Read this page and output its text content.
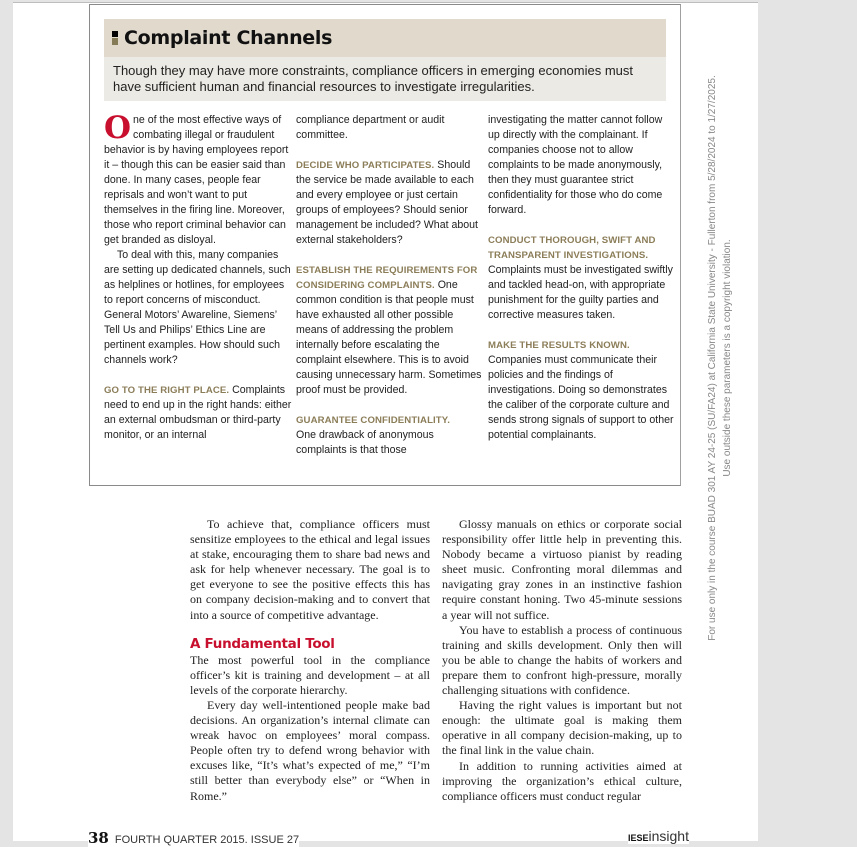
Complaint Channels
Though they may have more constraints, compliance officers in emerging economies must have sufficient human and financial resources to investigate irregularities.

One of the most effective ways of combating illegal or fraudulent behavior is by having employees report it – though this can be easier said than done. In many cases, people fear reprisals and won’t want to put themselves in the firing line. Moreover, those who report criminal behavior can get branded as disloyal.

To deal with this, many companies are setting up dedicated channels, such as helplines or hotlines, for employees to report concerns of misconduct. General Motors’ Awareline, Siemens’ Tell Us and Philips’ Ethics Line are pertinent examples. How should such channels work?

GO TO THE RIGHT PLACE. Complaints need to end up in the right hands: either an external ombudsman or third-party monitor, or an internal

compliance department or audit committee.

DECIDE WHO PARTICIPATES. Should the service be made available to each and every employee or just certain groups of employees? Should senior management be included? What about external stakeholders?

ESTABLISH THE REQUIREMENTS FOR CONSIDERING COMPLAINTS. One common condition is that people must have exhausted all other possible means of addressing the problem internally before escalating the complaint elsewhere. This is to avoid causing unnecessary harm. Sometimes proof must be provided.

GUARANTEE CONFIDENTIALITY.
One drawback of anonymous complaints is that those

investigating the matter cannot follow up directly with the complainant. If companies choose not to allow complaints to be made anonymously, then they must guarantee strict confidentiality for those who do come forward.

CONDUCT THOROUGH, SWIFT AND TRANSPARENT INVESTIGATIONS.
Complaints must be investigated swiftly and tackled head-on, with appropriate punishment for the guilty parties and corrective measures taken.

MAKE THE RESULTS KNOWN.
Companies must communicate their policies and the findings of investigations. Doing so demonstrates the caliber of the corporate culture and sends strong signals of support to other potential complainants.

To achieve that, compliance officers must sensitize employees to the ethical and legal issues at stake, encouraging them to share bad news and ask for help whenever necessary. The goal is to get everyone to see the positive effects this has on company decision-making and to convert that into a source of competitive advantage.

A Fundamental Tool

The most powerful tool in the compliance officer’s kit is training and development – at all levels of the corporate hierarchy.

Every day well-intentioned people make bad decisions. An organization’s internal climate can wreak havoc on employees’ moral compass. People often try to defend wrong behavior with excuses like, “It’s what’s expected of me,” “I’m still better than everybody else” or “When in Rome.”

Glossy manuals on ethics or corporate social responsibility offer little help in preventing this. Nobody became a virtuoso pianist by reading sheet music. Confronting moral dilemmas and navigating gray zones in an instinctive fashion require constant honing. Two 45-minute sessions a year will not suffice.

You have to establish a process of continuous training and skills development. Only then will you be able to change the habits of workers and prepare them to confront high-pressure, morally challenging situations with confidence.

Having the right values is important but not enough: the ultimate goal is making them operative in all company decision-making, up to the final link in the value chain.

In addition to running activities aimed at improving the organization’s ethical culture, compliance officers must conduct regular

38 FOURTH QUARTER 2015. ISSUE 27	IESEinsight
For use only in the course BUAD 301 AY 24-25 (SU/FA24) at California State University - Fullerton from 5/28/2024 to 1/27/2025. Use outside these parameters is a copyright violation.
